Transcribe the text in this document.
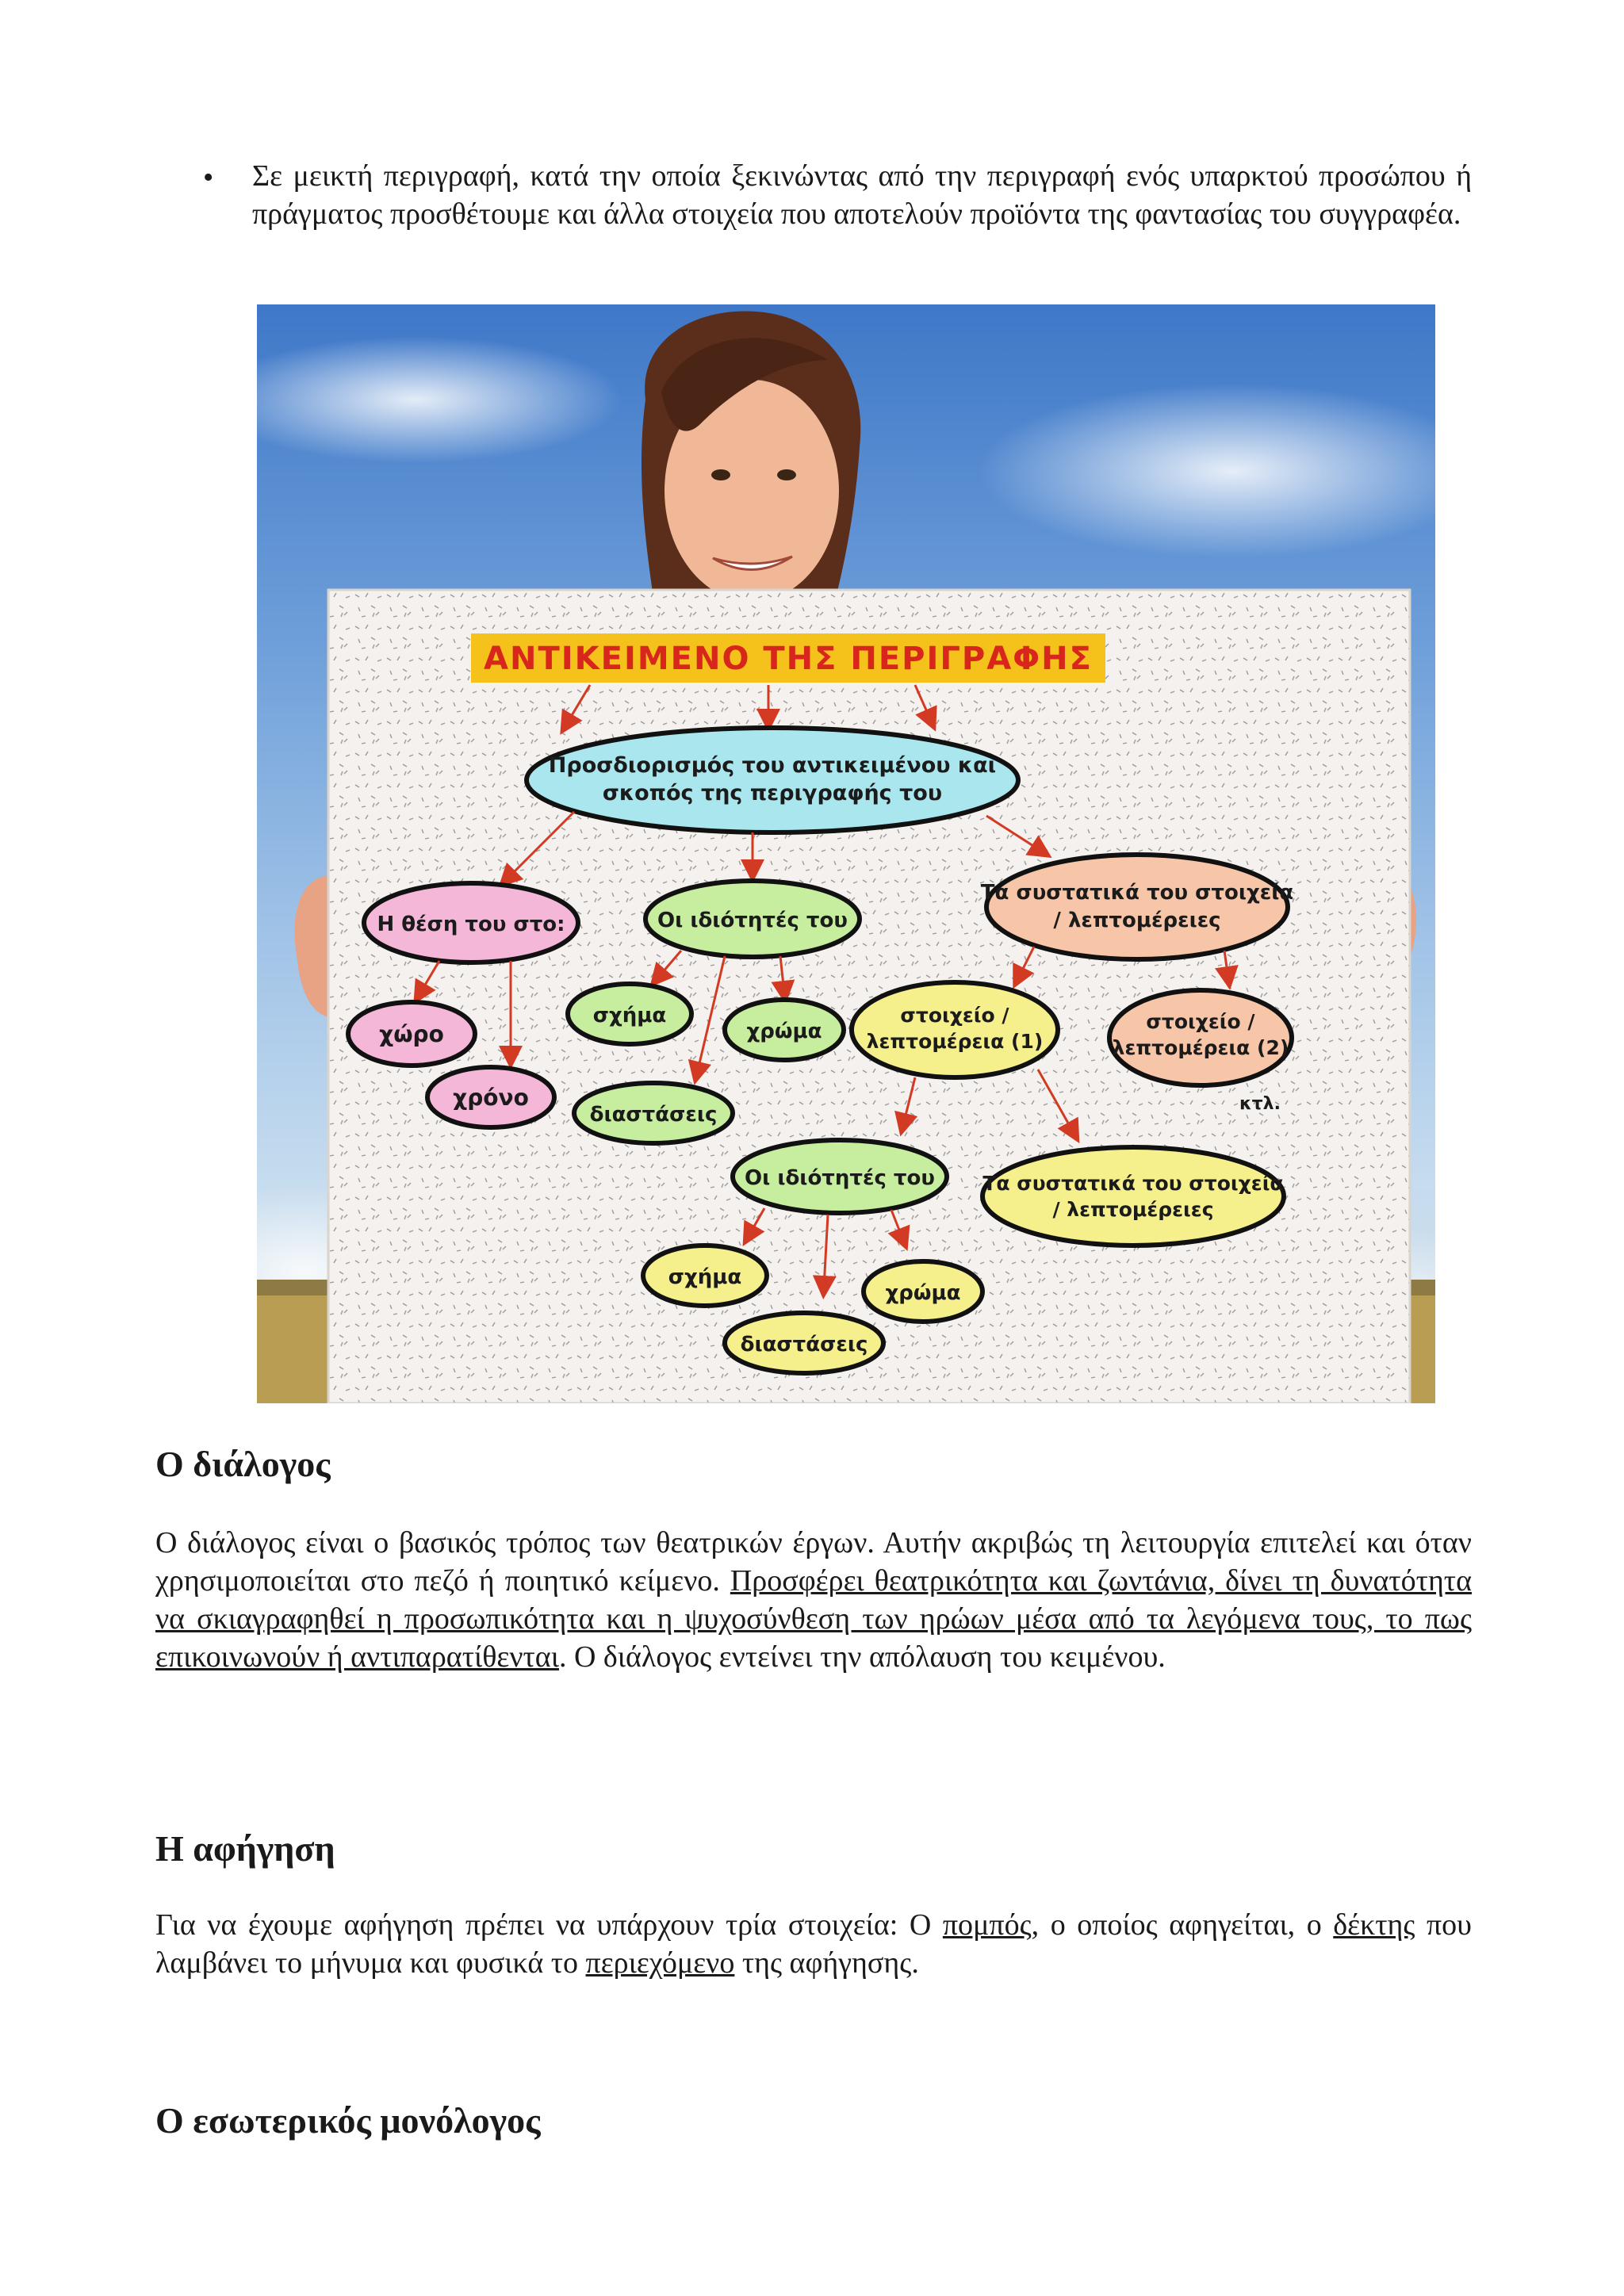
• Σε μεικτή περιγραφή, κατά την οποία ξεκινώντας από την περιγραφή ενός υπαρκτού προσώπου ή πράγματος προσθέτουμε και άλλα στοιχεία που αποτελούν προϊόντα της φαντασίας του συγγραφέα.

ΑΝΤΙΚΕΙΜΕΝΟ ΤΗΣ ΠΕΡΙΓΡΑΦΗΣ
Προσδιορισμός του αντικειμένου και
σκοπός της περιγραφής του
Η θέση του στο:	Οι ιδιότητές του
Τα συστατικά του στοιχεία
/ λεπτομέρειες
χώρο
χρόνο
σχήμα
χρώμα
διαστάσεις
στοιχείο /
λεπτομέρεια (1)
στοιχείο /
λεπτομέρεια (2)
κτλ.
Οι ιδιότητές του Τα συστατικά του στοιχεία
/ λεπτομέρειες
σχήμα
χρώμα
διαστάσεις
Ο διάλογος

Ο διάλογος είναι ο βασικός τρόπος των θεατρικών έργων. Αυτήν ακριβώς τη λειτουργία επιτελεί και όταν χρησιμοποιείται στο πεζό ή ποιητικό κείμενο. Προσφέρει θεατρικότητα και ζωντάνια, δίνει τη δυνατότητα να σκιαγραφηθεί η προσωπικότητα και η ψυχοσύνθεση των ηρώων μέσα από τα λεγόμενα τους, το πως επικοινωνούν ή αντιπαρατίθενται. Ο διάλογος εντείνει την απόλαυση του κειμένου.

Η αφήγηση

Για να έχουμε αφήγηση πρέπει να υπάρχουν τρία στοιχεία: Ο πομπός, ο οποίος αφηγείται, ο δέκτης που λαμβάνει το μήνυμα και φυσικά το περιεχόμενο της αφήγησης.

Ο εσωτερικός μονόλογος
